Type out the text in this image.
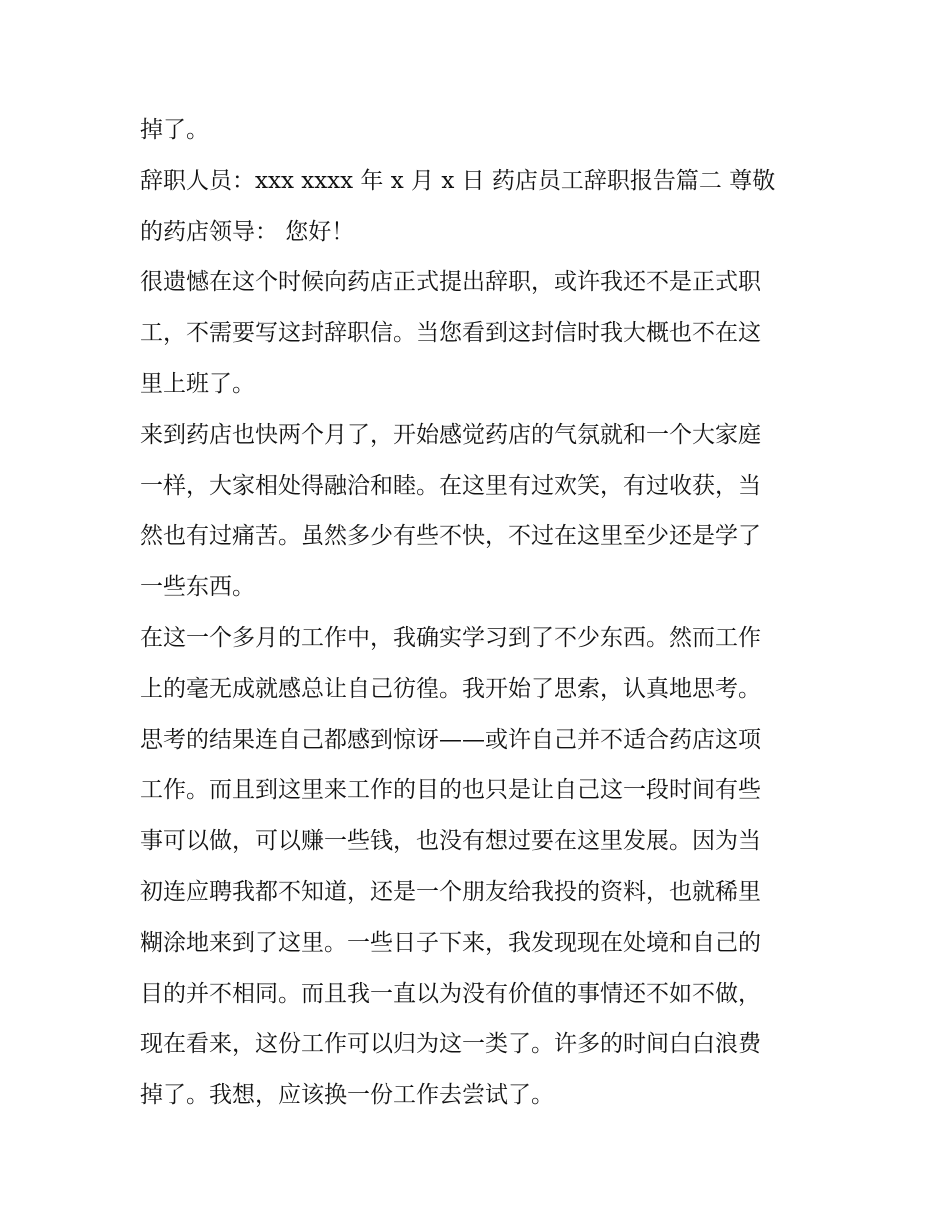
掉了。
辞职人员：xxx xxxx 年 x 月 x 日 药店员工辞职报告篇二 尊敬
的药店领导： 您好！
很遗憾在这个时候向药店正式提出辞职，或许我还不是正式职
工，不需要写这封辞职信。当您看到这封信时我大概也不在这
里上班了。
来到药店也快两个月了，开始感觉药店的气氛就和一个大家庭
一样，大家相处得融洽和睦。在这里有过欢笑，有过收获，当
然也有过痛苦。虽然多少有些不快，不过在这里至少还是学了
一些东西。
在这一个多月的工作中，我确实学习到了不少东西。然而工作
上的毫无成就感总让自己彷徨。我开始了思索，认真地思考。
思考的结果连自己都感到惊讶——或许自己并不适合药店这项
工作。而且到这里来工作的目的也只是让自己这一段时间有些
事可以做，可以赚一些钱，也没有想过要在这里发展。因为当
初连应聘我都不知道，还是一个朋友给我投的资料，也就稀里
糊涂地来到了这里。一些日子下来，我发现现在处境和自己的
目的并不相同。而且我一直以为没有价值的事情还不如不做，
现在看来，这份工作可以归为这一类了。许多的时间白白浪费
掉了。我想，应该换一份工作去尝试了。
